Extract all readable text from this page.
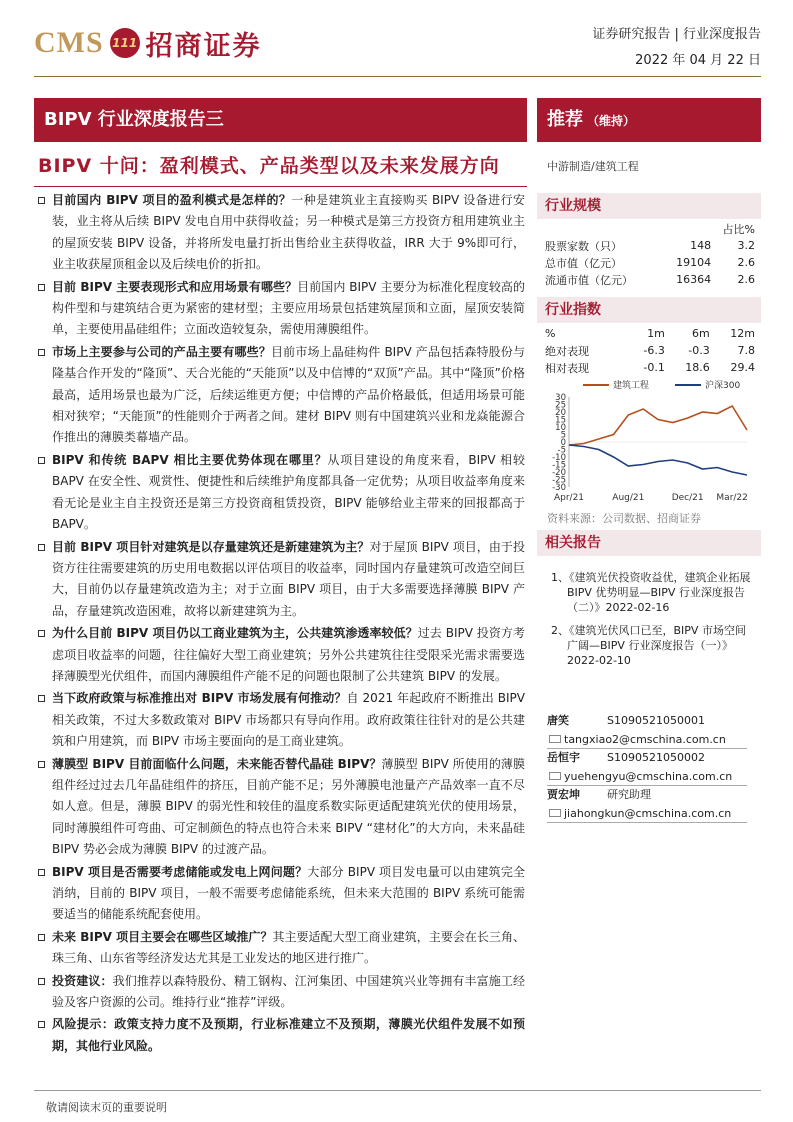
CMS 111 招商证券	证券研究报告 | 行业深度报告
2022 年 04 月 22 日
BIPV 行业深度报告三	推荐 （维持）
BIPV 十问：盈利模式、产品类型以及未来发展方向
目前国内 BIPV 项目的盈利模式是怎样的？一种是建筑业主直接购买 BIPV 设备进行安装，业主将从后续 BIPV 发电自用中获得收益；另一种模式是第三方投资方租用建筑业主的屋顶安装 BIPV 设备，并将所发电量打折出售给业主获得收益，IRR 大于 9%即可行，业主收获屋顶租金以及后续电价的折扣。
目前 BIPV 主要表现形式和应用场景有哪些？目前国内 BIPV 主要分为标准化程度较高的构件型和与建筑结合更为紧密的建材型；主要应用场景包括建筑屋顶和立面，屋顶安装简单，主要使用晶硅组件；立面改造较复杂，需使用薄膜组件。
市场上主要参与公司的产品主要有哪些？目前市场上晶硅构件 BIPV 产品包括森特股份与隆基合作开发的“隆顶”、天合光能的“天能顶”以及中信博的“双顶”产品。其中“隆顶”价格最高，适用场景也最为广泛，后续运维更方便；中信博的产品价格最低，但适用场景可能相对狭窄；“天能顶”的性能则介于两者之间。建材 BIPV 则有中国建筑兴业和龙焱能源合作推出的薄膜类幕墙产品。
BIPV 和传统 BAPV 相比主要优势体现在哪里？从项目建设的角度来看，BIPV 相较 BAPV 在安全性、观赏性、便捷性和后续维护角度都具备一定优势；从项目收益率角度来看无论是业主自主投资还是第三方投资商租赁投资，BIPV 能够给业主带来的回报都高于 BAPV。
目前 BIPV 项目针对建筑是以存量建筑还是新建建筑为主？对于屋顶 BIPV 项目，由于投资方往往需要建筑的历史用电数据以评估项目的收益率，同时国内存量建筑可改造空间巨大，目前仍以存量建筑改造为主；对于立面 BIPV 项目，由于大多需要选择薄膜 BIPV 产品，存量建筑改造困难，故将以新建建筑为主。
为什么目前 BIPV 项目仍以工商业建筑为主，公共建筑渗透率较低？过去 BIPV 投资方考虑项目收益率的问题，往往偏好大型工商业建筑；另外公共建筑往往受限采光需求需要选择薄膜型光伏组件，而国内薄膜组件产能不足的问题也限制了公共建筑 BIPV 的发展。
当下政府政策与标准推出对 BIPV 市场发展有何推动？自 2021 年起政府不断推出 BIPV 相关政策，不过大多数政策对 BIPV 市场都只有导向作用。政府政策往往针对的是公共建筑和户用建筑，而 BIPV 市场主要面向的是工商业建筑。
薄膜型 BIPV 目前面临什么问题，未来能否替代晶硅 BIPV？薄膜型 BIPV 所使用的薄膜组件经过过去几年晶硅组件的挤压，目前产能不足；另外薄膜电池量产产品效率一直不尽如人意。但是，薄膜 BIPV 的弱光性和较佳的温度系数实际更适配建筑光伏的使用场景，同时薄膜组件可弯曲、可定制颜色的特点也符合未来 BIPV “建材化”的大方向，未来晶硅 BIPV 势必会成为薄膜 BIPV 的过渡产品。
BIPV 项目是否需要考虑储能或发电上网问题？大部分 BIPV 项目发电量可以由建筑完全消纳，目前的 BIPV 项目，一般不需要考虑储能系统，但未来大范围的 BIPV 系统可能需要适当的储能系统配套使用。
未来 BIPV 项目主要会在哪些区域推广？其主要适配大型工商业建筑，主要会在长三角、珠三角、山东省等经济发达尤其是工业发达的地区进行推广。
投资建议：我们推荐以森特股份、精工钢构、江河集团、中国建筑兴业等拥有丰富施工经验及客户资源的公司。维持行业“推荐”评级。
风险提示：政策支持力度不及预期，行业标准建立不及预期，薄膜光伏组件发展不如预期，其他行业风险。
中游制造/建筑工程
行业规模
		占比%
股票家数（只）	148	3.2
总市值（亿元）	19104	2.6
流通市值（亿元）	16364	2.6
行业指数
%	1m	6m	12m
绝对表现	-6.3	-0.3	7.8
相对表现	-0.1	18.6	29.4
建筑工程	沪深300
30
25
20
15
10
5
0
-5
-10
-15
-20
-25
-30
Apr/21	Aug/21	Dec/21 Mar/22
资料来源：公司数据、招商证券
相关报告
1、《建筑光伏投资收益优，建筑企业拓展 BIPV 优势明显—BIPV 行业深度报告（二）》2022-02-16
2、《建筑光伏风口已至，BIPV 市场空间广阔—BIPV 行业深度报告（一）》2022-02-10
唐笑	S1090521050001
tangxiao2@cmschina.com.cn
岳恒宇	S1090521050002
yuehengyu@cmschina.com.cn
贾宏坤	研究助理
jiahongkun@cmschina.com.cn
敬请阅读末页的重要说明
